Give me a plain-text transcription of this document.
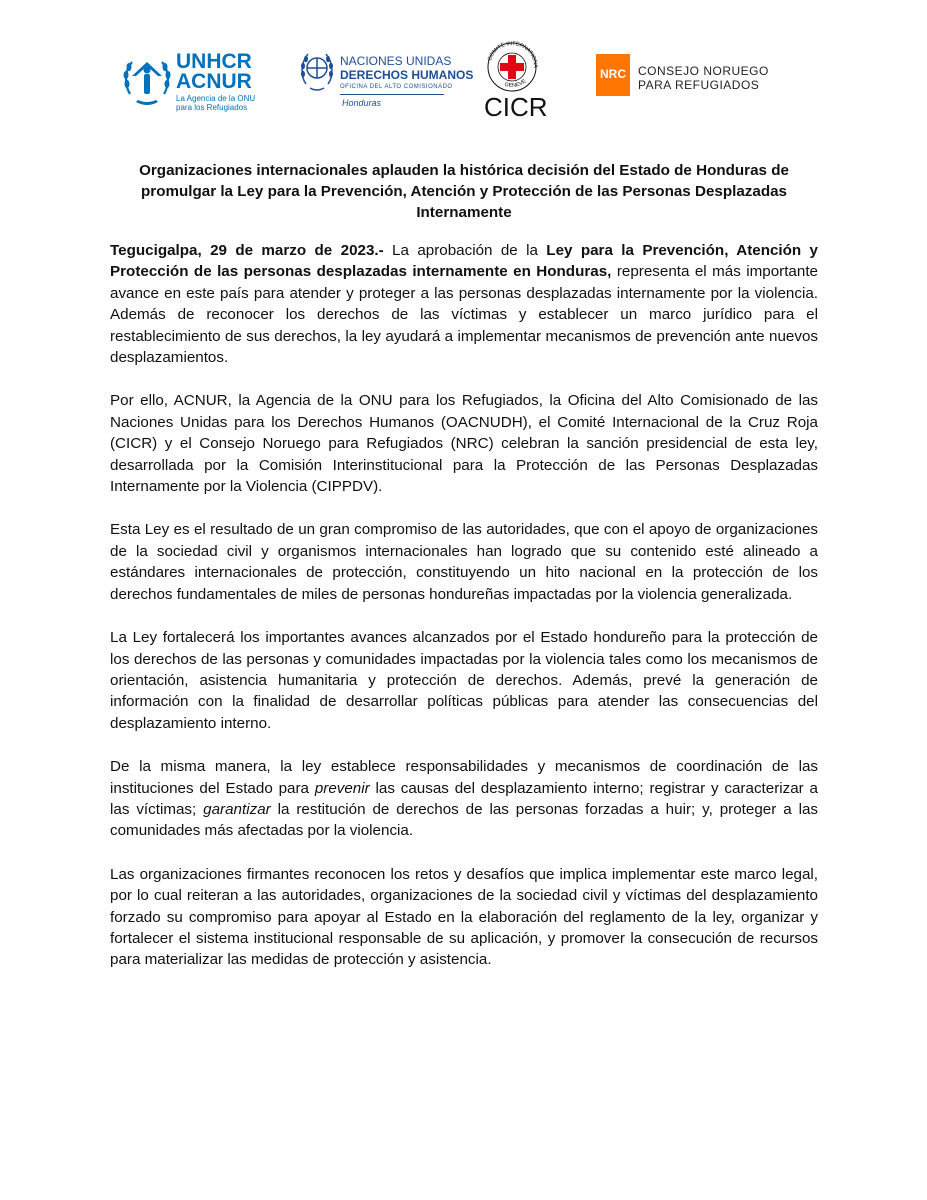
UNHCR
ACNUR
La Agencia de la ONU
para los Refugiados
NACIONES UNIDAS
DERECHOS HUMANOS
OFICINA DEL ALTO COMISIONADO
Honduras
COMITÉ INTERNATIONA
GENEVE
CICR
NRC CONSEJO NORUEGO
PARA REFUGIADOS
Organizaciones internacionales aplauden la histórica decisión del Estado de Honduras de promulgar la Ley para la Prevención, Atención y Protección de las Personas Desplazadas Internamente

Tegucigalpa, 29 de marzo de 2023.- La aprobación de la Ley para la Prevención, Atención y Protección de las personas desplazadas internamente en Honduras, representa el más importante avance en este país para atender y proteger a las personas desplazadas internamente por la violencia. Además de reconocer los derechos de las víctimas y establecer un marco jurídico para el restablecimiento de sus derechos, la ley ayudará a implementar mecanismos de prevención ante nuevos desplazamientos.

Por ello, ACNUR, la Agencia de la ONU para los Refugiados, la Oficina del Alto Comisionado de las Naciones Unidas para los Derechos Humanos (OACNUDH), el Comité Internacional de la Cruz Roja (CICR) y el Consejo Noruego para Refugiados (NRC) celebran la sanción presidencial de esta ley, desarrollada por la Comisión Interinstitucional para la Protección de las Personas Desplazadas Internamente por la Violencia (CIPPDV).

Esta Ley es el resultado de un gran compromiso de las autoridades, que con el apoyo de organizaciones de la sociedad civil y organismos internacionales han logrado que su contenido esté alineado a estándares internacionales de protección, constituyendo un hito nacional en la protección de los derechos fundamentales de miles de personas hondureñas impactadas por la violencia generalizada.

La Ley fortalecerá los importantes avances alcanzados por el Estado hondureño para la protección de los derechos de las personas y comunidades impactadas por la violencia tales como los mecanismos de orientación, asistencia humanitaria y protección de derechos. Además, prevé la generación de información con la finalidad de desarrollar políticas públicas para atender las consecuencias del desplazamiento interno.

De la misma manera, la ley establece responsabilidades y mecanismos de coordinación de las instituciones del Estado para prevenir las causas del desplazamiento interno; registrar y caracterizar a las víctimas; garantizar la restitución de derechos de las personas forzadas a huir; y, proteger a las comunidades más afectadas por la violencia.

Las organizaciones firmantes reconocen los retos y desafíos que implica implementar este marco legal, por lo cual reiteran a las autoridades, organizaciones de la sociedad civil y víctimas del desplazamiento forzado su compromiso para apoyar al Estado en la elaboración del reglamento de la ley, organizar y fortalecer el sistema institucional responsable de su aplicación, y promover la consecución de recursos para materializar las medidas de protección y asistencia.
